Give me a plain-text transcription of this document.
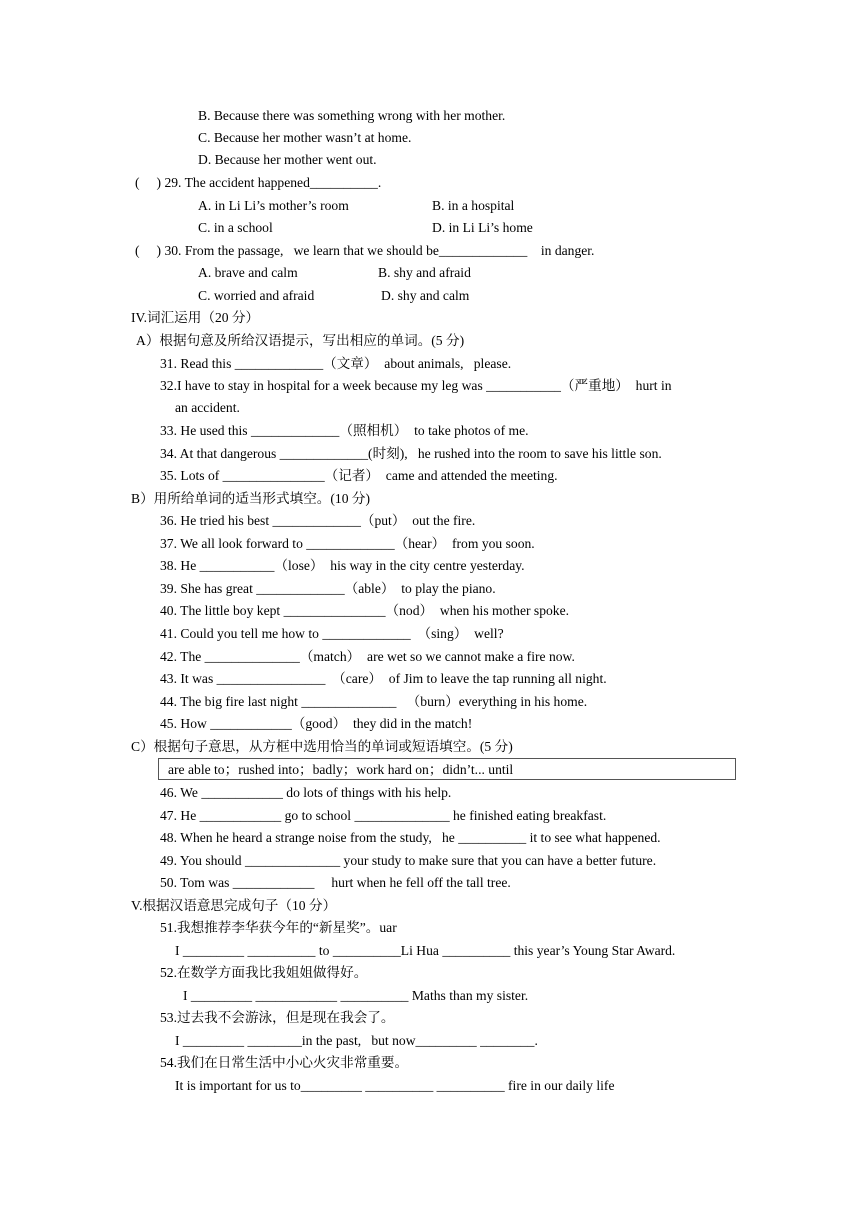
B. Because there was something wrong with her mother.
C. Because her mother wasn’t at home.
D. Because her mother went out.
(     ) 29. The accident happened__________.
A. in Li Li’s mother’s room	B. in a hospital
C. in a school	D. in Li Li’s home
(     ) 30. From the passage,   we learn that we should be_____________    in danger.
A. brave and calm	B. shy and afraid
C. worried and afraid	D. shy and calm
IV.词汇运用（20 分）
A）根据句意及所给汉语提示，写出相应的单词。(5 分)
31. Read this _____________（文章）  about animals,   please.
32.I have to stay in hospital for a week because my leg was ___________（严重地）  hurt in
an accident.
33. He used this _____________（照相机）  to take photos of me.
34. At that dangerous _____________(时刻),   he rushed into the room to save his little son.
35. Lots of _______________（记者）  came and attended the meeting.
B）用所给单词的适当形式填空。(10 分)
36. He tried his best _____________（put）  out the fire.
37. We all look forward to _____________（hear）  from you soon.
38. He ___________（lose）  his way in the city centre yesterday.
39. She has great _____________（able）  to play the piano.
40. The little boy kept _______________（nod）  when his mother spoke.
41. Could you tell me how to _____________  （sing）  well?
42. The ______________（match）  are wet so we cannot make a fire now.
43. It was ________________  （care）  of Jim to leave the tap running all night.
44. The big fire last night ______________   （burn）everything in his home.
45. How ____________（good）  they did in the match!
C）根据句子意思，从方框中选用恰当的单词或短语填空。(5 分)
are able to；rushed into；badly；work hard on；didn’t... until
46. We ____________ do lots of things with his help.
47. He ____________ go to school ______________ he finished eating breakfast.
48. When he heard a strange noise from the study,   he __________ it to see what happened.
49. You should ______________ your study to make sure that you can have a better future.
50. Tom was ____________     hurt when he fell off the tall tree.
V.根据汉语意思完成句子（10 分）
51.我想推荐李华获今年的“新星奖”。uar
I _________ __________ to __________Li Hua __________ this year’s Young Star Award.
52.在数学方面我比我姐姐做得好。
I _________ ____________ __________ Maths than my sister.
53.过去我不会游泳，但是现在我会了。
I _________ ________in the past,   but now_________ ________.
54.我们在日常生活中小心火灾非常重要。
It is important for us to_________ __________ __________ fire in our daily life
